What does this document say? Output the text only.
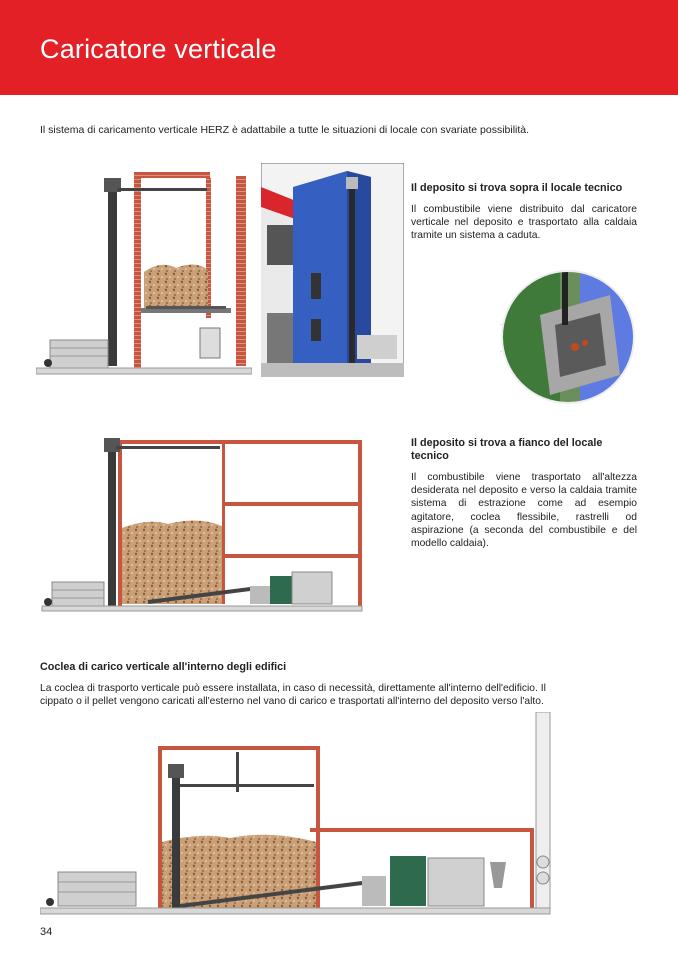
Caricatore verticale

Il sistema di caricamento verticale HERZ è adattabile a tutte le situazioni di locale con svariate possibilità.

Il deposito si trova sopra il locale tecnico

Il combustibile viene distribuito dal caricatore verticale nel deposito e trasportato alla caldaia tramite un sistema a caduta.

Il deposito si trova a fianco del locale tecnico

Il combustibile viene trasportato all'altezza desiderata nel deposito e verso la caldaia tramite sistema di estrazione come ad esempio agitatore, coclea flessibile, rastrelli od aspirazione (a seconda del combustibile e del modello caldaia).

Coclea di carico verticale all'interno degli edifici

La coclea di trasporto verticale può essere installata, in caso di necessità, direttamente all'interno dell'edificio. Il cippato o il pellet vengono caricati all'esterno nel vano di carico e trasportati all'interno del deposito verso l'alto.

34
